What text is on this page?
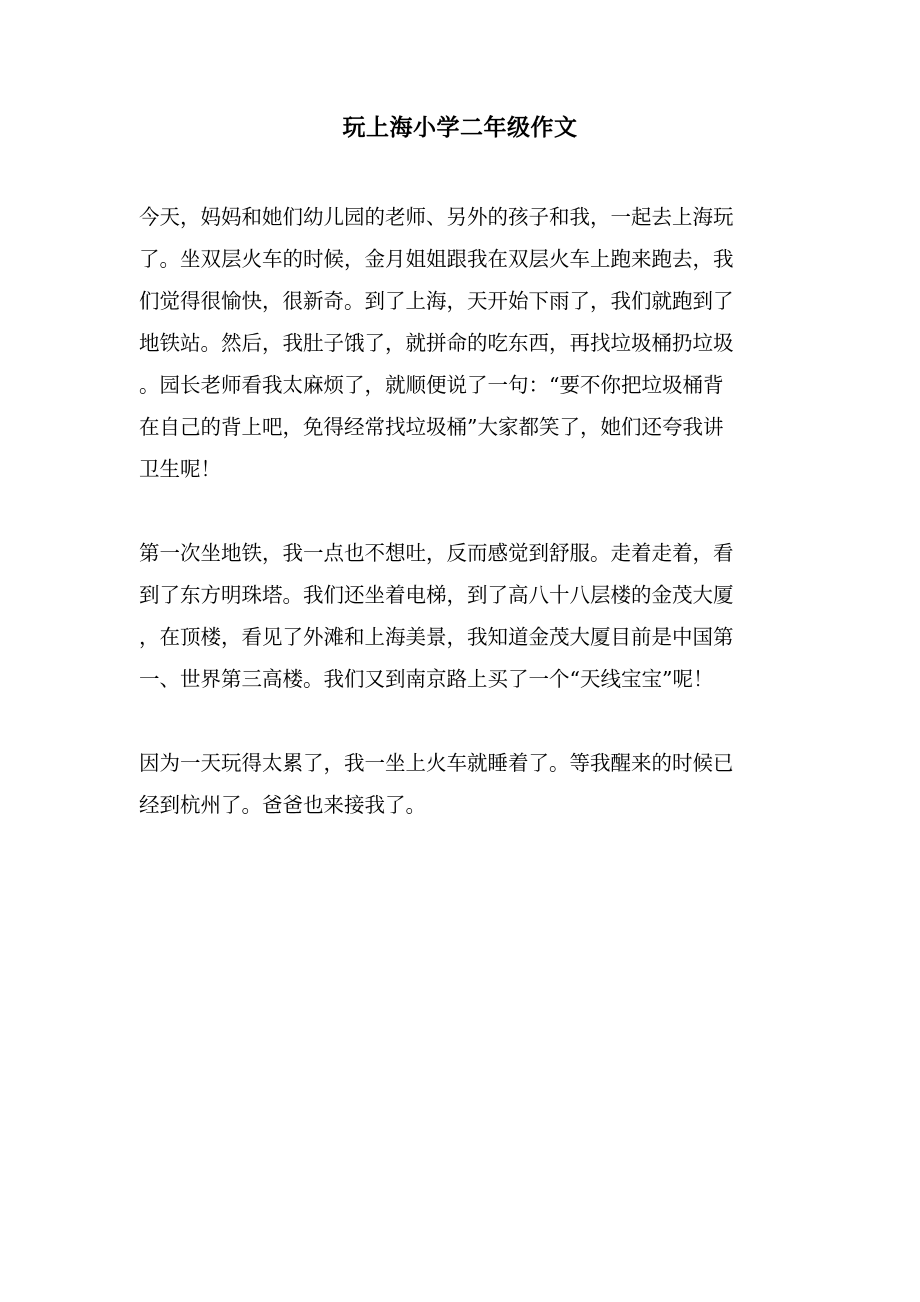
玩上海小学二年级作文
今天，妈妈和她们幼儿园的老师、另外的孩子和我，一起去上海玩
了。坐双层火车的时候，金月姐姐跟我在双层火车上跑来跑去，我
们觉得很愉快，很新奇。到了上海，天开始下雨了，我们就跑到了
地铁站。然后，我肚子饿了，就拼命的吃东西，再找垃圾桶扔垃圾
。园长老师看我太麻烦了，就顺便说了一句：“要不你把垃圾桶背
在自己的背上吧，免得经常找垃圾桶”大家都笑了，她们还夸我讲
卫生呢！
第一次坐地铁，我一点也不想吐，反而感觉到舒服。走着走着，看
到了东方明珠塔。我们还坐着电梯，到了高八十八层楼的金茂大厦
，在顶楼，看见了外滩和上海美景，我知道金茂大厦目前是中国第
一、世界第三高楼。我们又到南京路上买了一个“天线宝宝”呢！
因为一天玩得太累了，我一坐上火车就睡着了。等我醒来的时候已
经到杭州了。爸爸也来接我了。
